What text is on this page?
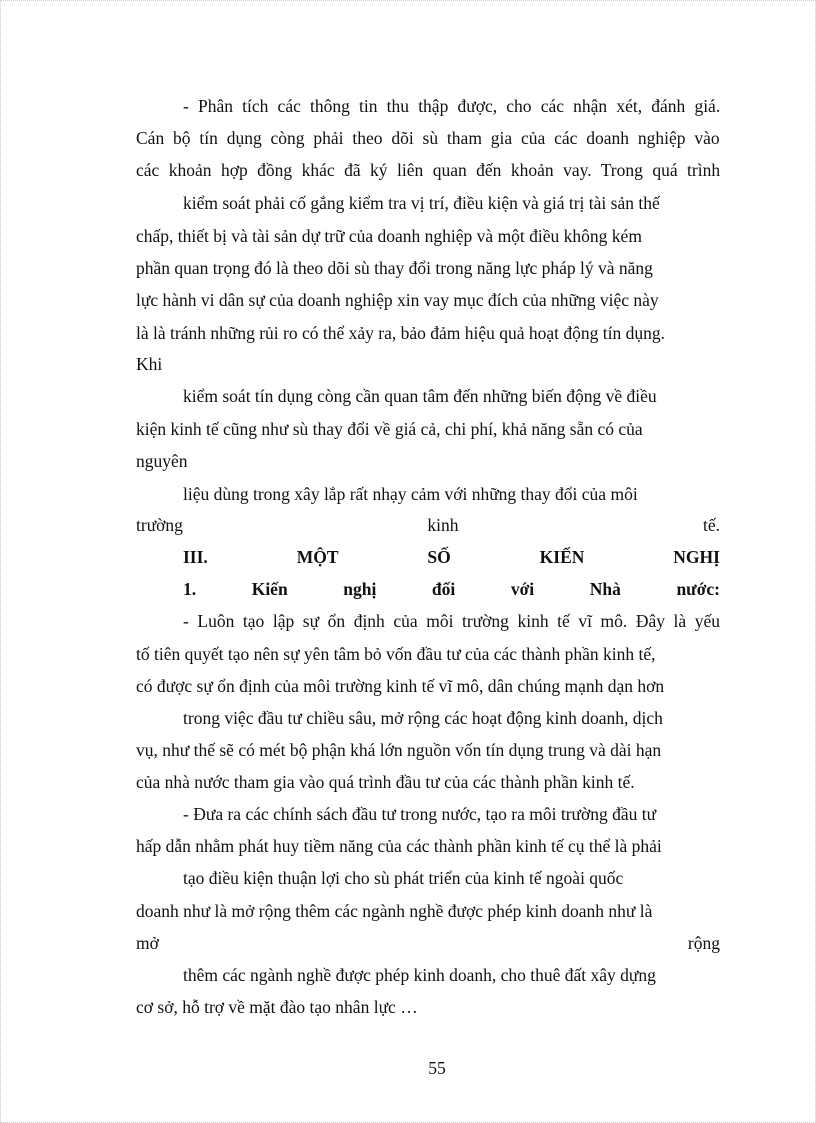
- Phân tích các thông tin thu thập được, cho các nhận xét, đánh giá.
Cán bộ tín dụng còng phải theo dõi sù tham gia của các doanh nghiệp vào
các khoản hợp đồng khác đã ký liên quan đến khoản vay. Trong quá trình
kiểm soát phải cố gắng kiểm tra vị trí, điều kiện và giá trị tài sản thế
chấp, thiết bị và tài sản dự trữ của doanh nghiệp và một điều không kém
phần quan trọng đó là theo dõi sù thay đổi trong năng lực pháp lý và năng
lực hành vi dân sự của doanh nghiệp xin vay mục đích của những việc này
là là tránh những rủi ro có thể xảy ra, bảo đảm hiệu quả hoạt động tín dụng.
Khi
kiểm soát tín dụng còng cần quan tâm đến những biến động về điều
kiện kinh tế cũng như sù thay đổi về giá cả, chi phí, khả năng sẵn có của
nguyên
liệu dùng trong xây lắp rất nhạy cảm với những thay đổi của môi
trường	kinh	tế.
III.	MỘT	SỐ	KIẾN	NGHỊ
1.	Kiến	nghị	đối	với	Nhà	nước:
- Luôn tạo lập sự ổn định của môi trường kinh tế vĩ mô. Đây là yếu
tố tiên quyết tạo nên sự yên tâm bỏ vốn đầu tư của các thành phần kinh tế,
có được sự ổn định của môi trường kinh tế vĩ mô, dân chúng mạnh dạn hơn
trong việc đầu tư chiều sâu, mở rộng các hoạt động kinh doanh, dịch
vụ, như thế sẽ có mét bộ phận khá lớn nguồn vốn tín dụng trung và dài hạn
của nhà nước tham gia vào quá trình đầu tư của các thành phần kinh tế.
- Đưa ra các chính sách đầu tư trong nước, tạo ra môi trường đầu tư
hấp dẫn nhằm phát huy tiềm năng của các thành phần kinh tế cụ thể là phải
tạo điều kiện thuận lợi cho sù phát triển của kinh tế ngoài quốc
doanh như là mở rộng thêm các ngành nghề được phép kinh doanh như là
mở	rộng
thêm các ngành nghề được phép kinh doanh, cho thuê đất xây dựng
cơ sở, hỗ trợ về mặt đào tạo nhân lực …
55
